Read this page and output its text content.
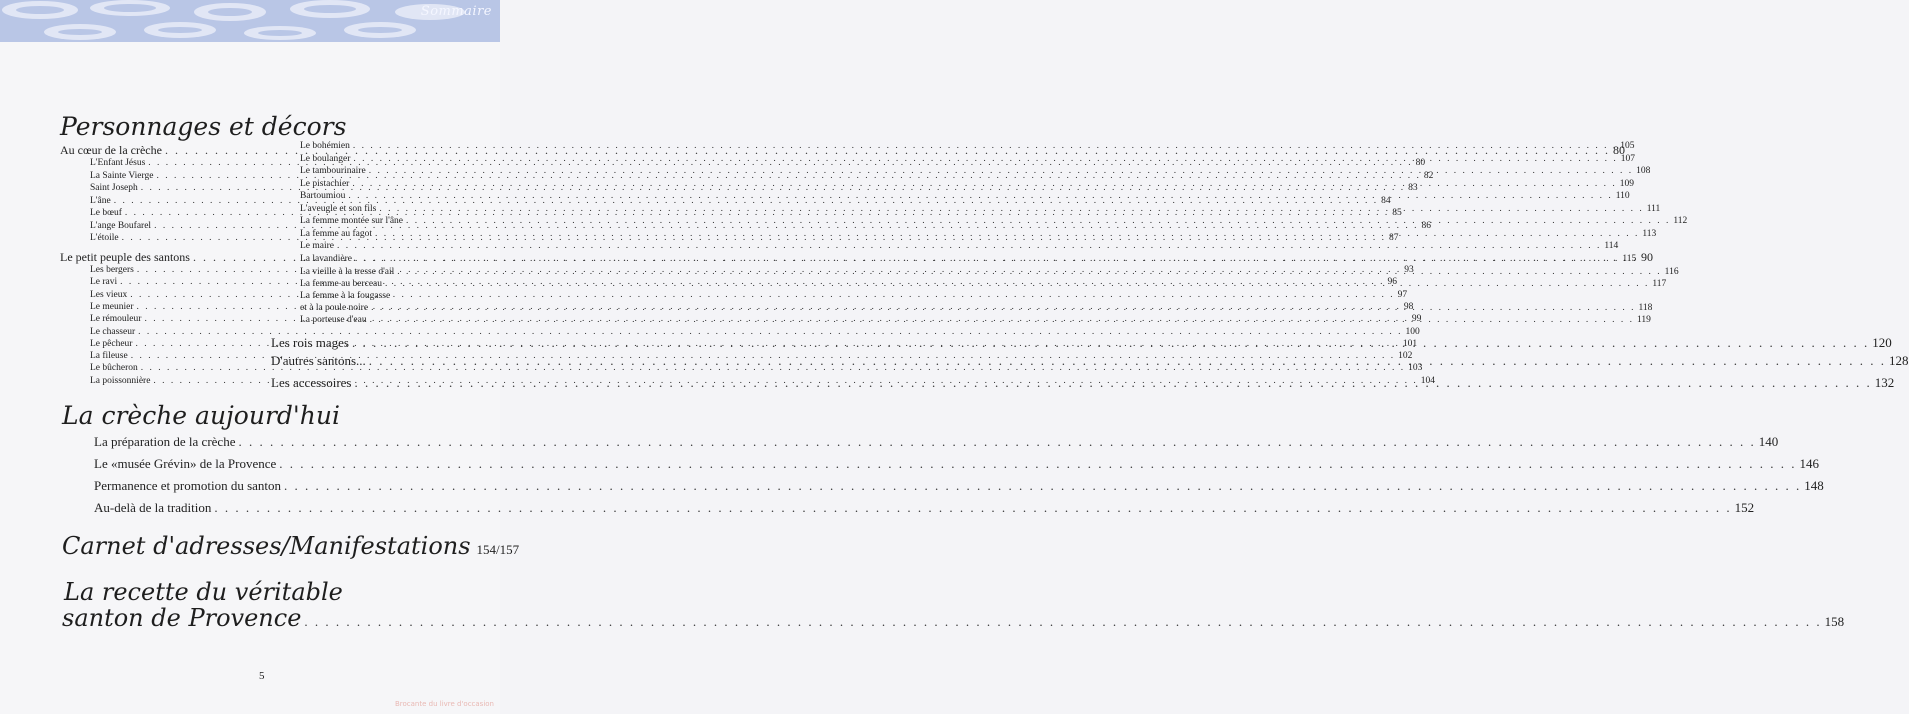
Sommaire
Personnages et décors
Au cœur de la crèche . . .	80
L'Enfant Jésus . . .	80
La Sainte Vierge . . .	82
Saint Joseph . . .	83
L'âne . . .	84
Le bœuf . . .	85
L'ange Boufarel . . .	86
L'étoile . . .	87
Le petit peuple des santons . . .	90
Les bergers . . .	93
Le ravi . . .	96
Les vieux . . .	97
Le meunier . . .	98
Le rémouleur . . .	99
Le chasseur . . .	100
Le pêcheur . . .	101
La fileuse . . .	102
Le bûcheron . . .	103
La poissonnière . . .	104
Le bohémien . . .	105
Le boulanger . . .	107
Le tambourinaire . . .	108
Le pistachier . . .	109
Bartoumiou . . .	110
L'aveugle et son fils . . .	111
La femme montée sur l'âne . . .	112
La femme au fagot . . .	113
Le maire . . .	114
La lavandière . . .	115
La vieille à la tresse d'ail . . .	116
La femme au berceau . . .	117
La femme à la fougasse
et à la poule noire . . .	118
La porteuse d'eau . . .	119
Les rois mages . . .	120
D'autres santons... . . .	128
Les accessoires . . .	132
La crèche aujourd'hui
La préparation de la crèche . . .	140
Le «musée Grévin» de la Provence . . .	146
Permanence et promotion du santon . . .	148
Au-delà de la tradition . . .	152
Carnet d'adresses/Manifestations 154/157
La recette du véritable
santon de Provence . . .	158
5
Brocante du livre d'occasion
